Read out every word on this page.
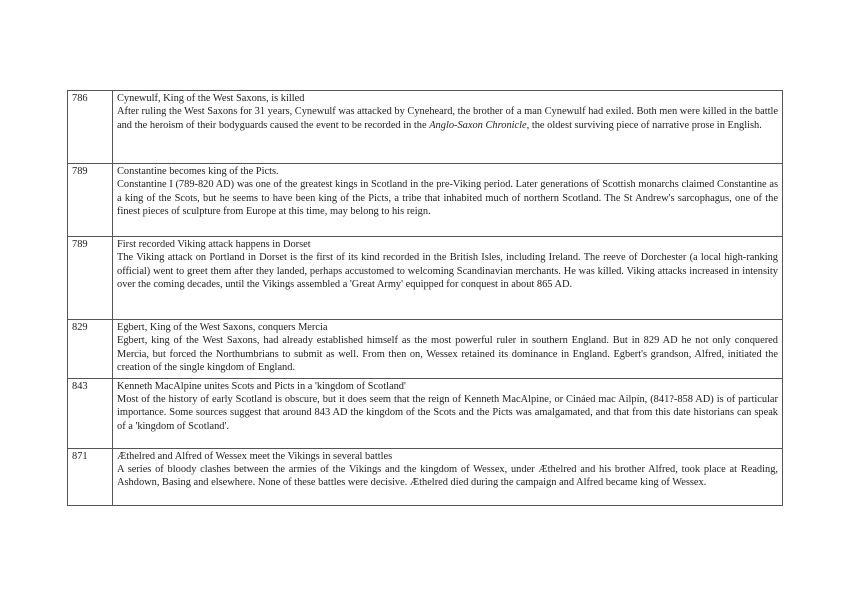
786	Cynewulf, King of the West Saxons, is killed
After ruling the West Saxons for 31 years, Cynewulf was attacked by Cyneheard, the brother of a man Cynewulf had exiled. Both men were killed in the battle and the heroism of their bodyguards caused the event to be recorded in the Anglo-Saxon Chronicle, the oldest surviving piece of narrative prose in English.

789	Constantine becomes king of the Picts.
Constantine I (789-820 AD) was one of the greatest kings in Scotland in the pre-Viking period. Later generations of Scottish monarchs claimed Constantine as a king of the Scots, but he seems to have been king of the Picts, a tribe that inhabited much of northern Scotland. The St Andrew's sarcophagus, one of the finest pieces of sculpture from Europe at this time, may belong to his reign.

789	First recorded Viking attack happens in Dorset
The Viking attack on Portland in Dorset is the first of its kind recorded in the British Isles, including Ireland. The reeve of Dorchester (a local high-ranking official) went to greet them after they landed, perhaps accustomed to welcoming Scandinavian merchants. He was killed. Viking attacks increased in intensity over the coming decades, until the Vikings assembled a 'Great Army' equipped for conquest in about 865 AD.

829	Egbert, King of the West Saxons, conquers Mercia
Egbert, king of the West Saxons, had already established himself as the most powerful ruler in southern England. But in 829 AD he not only conquered Mercia, but forced the Northumbrians to submit as well. From then on, Wessex retained its dominance in England. Egbert's grandson, Alfred, initiated the creation of the single kingdom of England.

843	Kenneth MacAlpine unites Scots and Picts in a 'kingdom of Scotland'
Most of the history of early Scotland is obscure, but it does seem that the reign of Kenneth MacAlpine, or Cináed mac Ailpín, (841?-858 AD) is of particular importance. Some sources suggest that around 843 AD the kingdom of the Scots and the Picts was amalgamated, and that from this date historians can speak of a 'kingdom of Scotland'.

871	Æthelred and Alfred of Wessex meet the Vikings in several battles
A series of bloody clashes between the armies of the Vikings and the kingdom of Wessex, under Æthelred and his brother Alfred, took place at Reading, Ashdown, Basing and elsewhere. None of these battles were decisive. Æthelred died during the campaign and Alfred became king of Wessex.
